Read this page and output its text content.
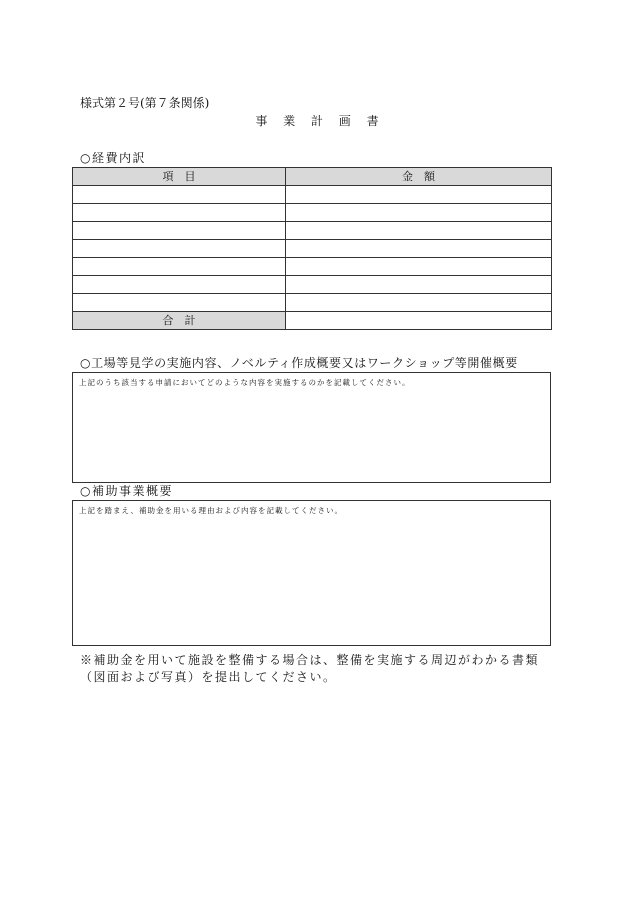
様式第２号(第７条関係)
事 業 計 画 書
○経費内訳
項　目	金　額

合　計	
○工場等見学の実施内容、ノベルティ作成概要又はワークショップ等開催概要
上記のうち該当する申請においてどのような内容を実施するのかを記載してください。
○補助事業概要
上記を踏まえ、補助金を用いる理由および内容を記載してください。
※補助金を用いて施設を整備する場合は、整備を実施する周辺がわかる書類
（図面および写真）を提出してください。
